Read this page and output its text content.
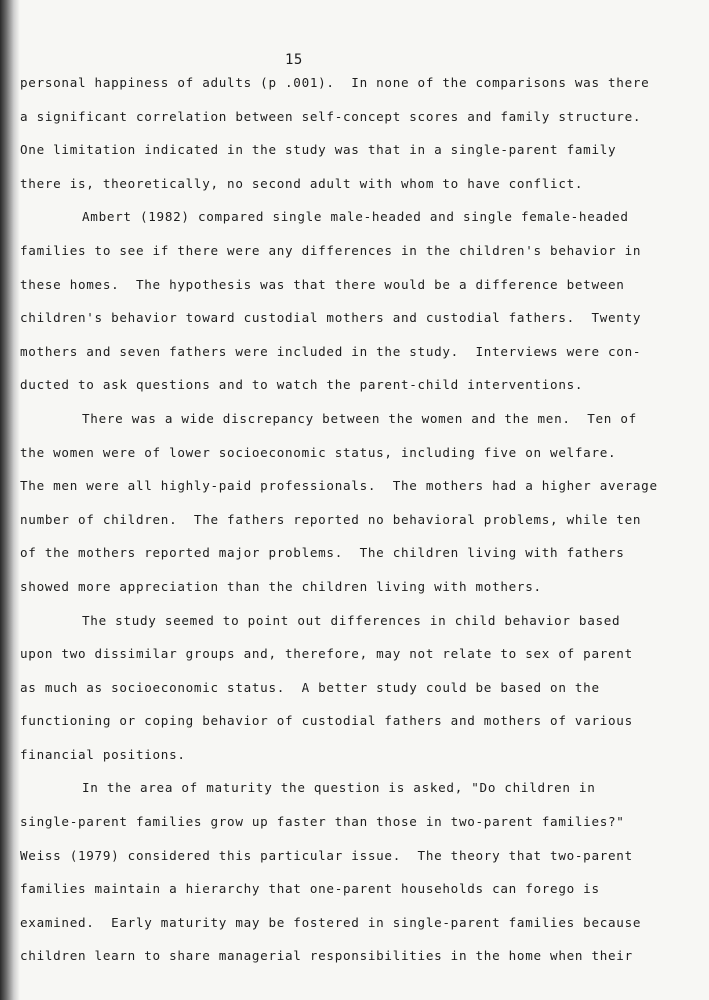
15
personal happiness of adults (p .001).  In none of the comparisons was there
a significant correlation between self-concept scores and family structure.
One limitation indicated in the study was that in a single-parent family
there is, theoretically, no second adult with whom to have conflict.
Ambert (1982) compared single male-headed and single female-headed
families to see if there were any differences in the children's behavior in
these homes.  The hypothesis was that there would be a difference between
children's behavior toward custodial mothers and custodial fathers.  Twenty
mothers and seven fathers were included in the study.  Interviews were con-
ducted to ask questions and to watch the parent-child interventions.
There was a wide discrepancy between the women and the men.  Ten of
the women were of lower socioeconomic status, including five on welfare.
The men were all highly-paid professionals.  The mothers had a higher average
number of children.  The fathers reported no behavioral problems, while ten
of the mothers reported major problems.  The children living with fathers
showed more appreciation than the children living with mothers.
The study seemed to point out differences in child behavior based
upon two dissimilar groups and, therefore, may not relate to sex of parent
as much as socioeconomic status.  A better study could be based on the
functioning or coping behavior of custodial fathers and mothers of various
financial positions.
In the area of maturity the question is asked, "Do children in
single-parent families grow up faster than those in two-parent families?"
Weiss (1979) considered this particular issue.  The theory that two-parent
families maintain a hierarchy that one-parent households can forego is
examined.  Early maturity may be fostered in single-parent families because
children learn to share managerial responsibilities in the home when their
